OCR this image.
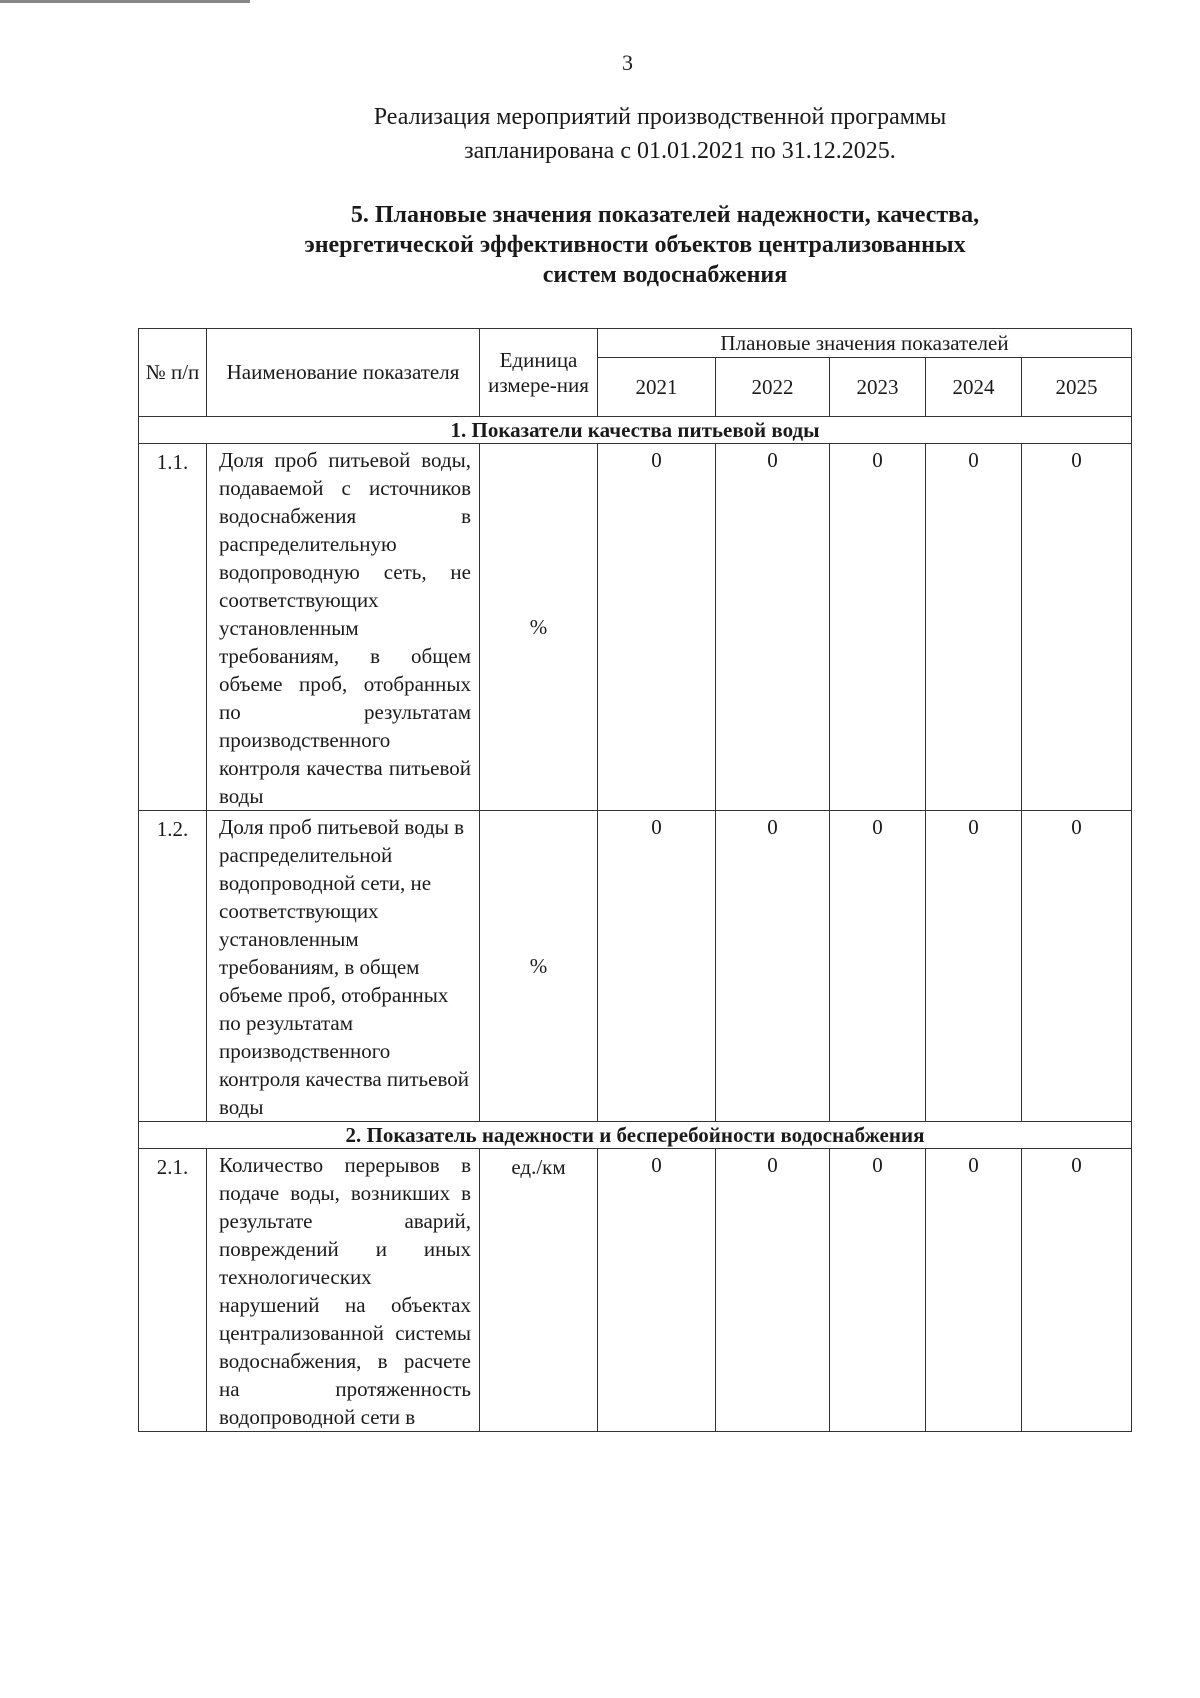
3
Реализация мероприятий производственной программы
запланирована с 01.01.2021 по 31.12.2025.
5. Плановые значения показателей надежности, качества,
энергетической эффективности объектов централизованных
систем водоснабжения
№ п/п	Наименование показателя	Единица измере-ния	Плановые значения показателей				
			2021	2022	2023	2024	2025
1. Показатели качества питьевой воды							
1.1.	Доля проб питьевой воды, подаваемой с источников водоснабжения в распределительную водопроводную сеть, не соответствующих установленным требованиям, в общем объеме проб, отобранных по результатам производственного контроля качества питьевой воды	%	0	0	0	0	0
1.2.	Доля проб питьевой воды в распределительной водопроводной сети, не соответствующих установленным требованиям, в общем объеме проб, отобранных по результатам производственного контроля качества питьевой воды	%	0	0	0	0	0
2. Показатель надежности и бесперебойности водоснабжения							
2.1.	Количество перерывов в подаче воды, возникших в результате аварий, повреждений и иных технологических нарушений на объектах централизованной системы водоснабжения, в расчете на протяженность водопроводной сети в	ед./км	0	0	0	0	0
